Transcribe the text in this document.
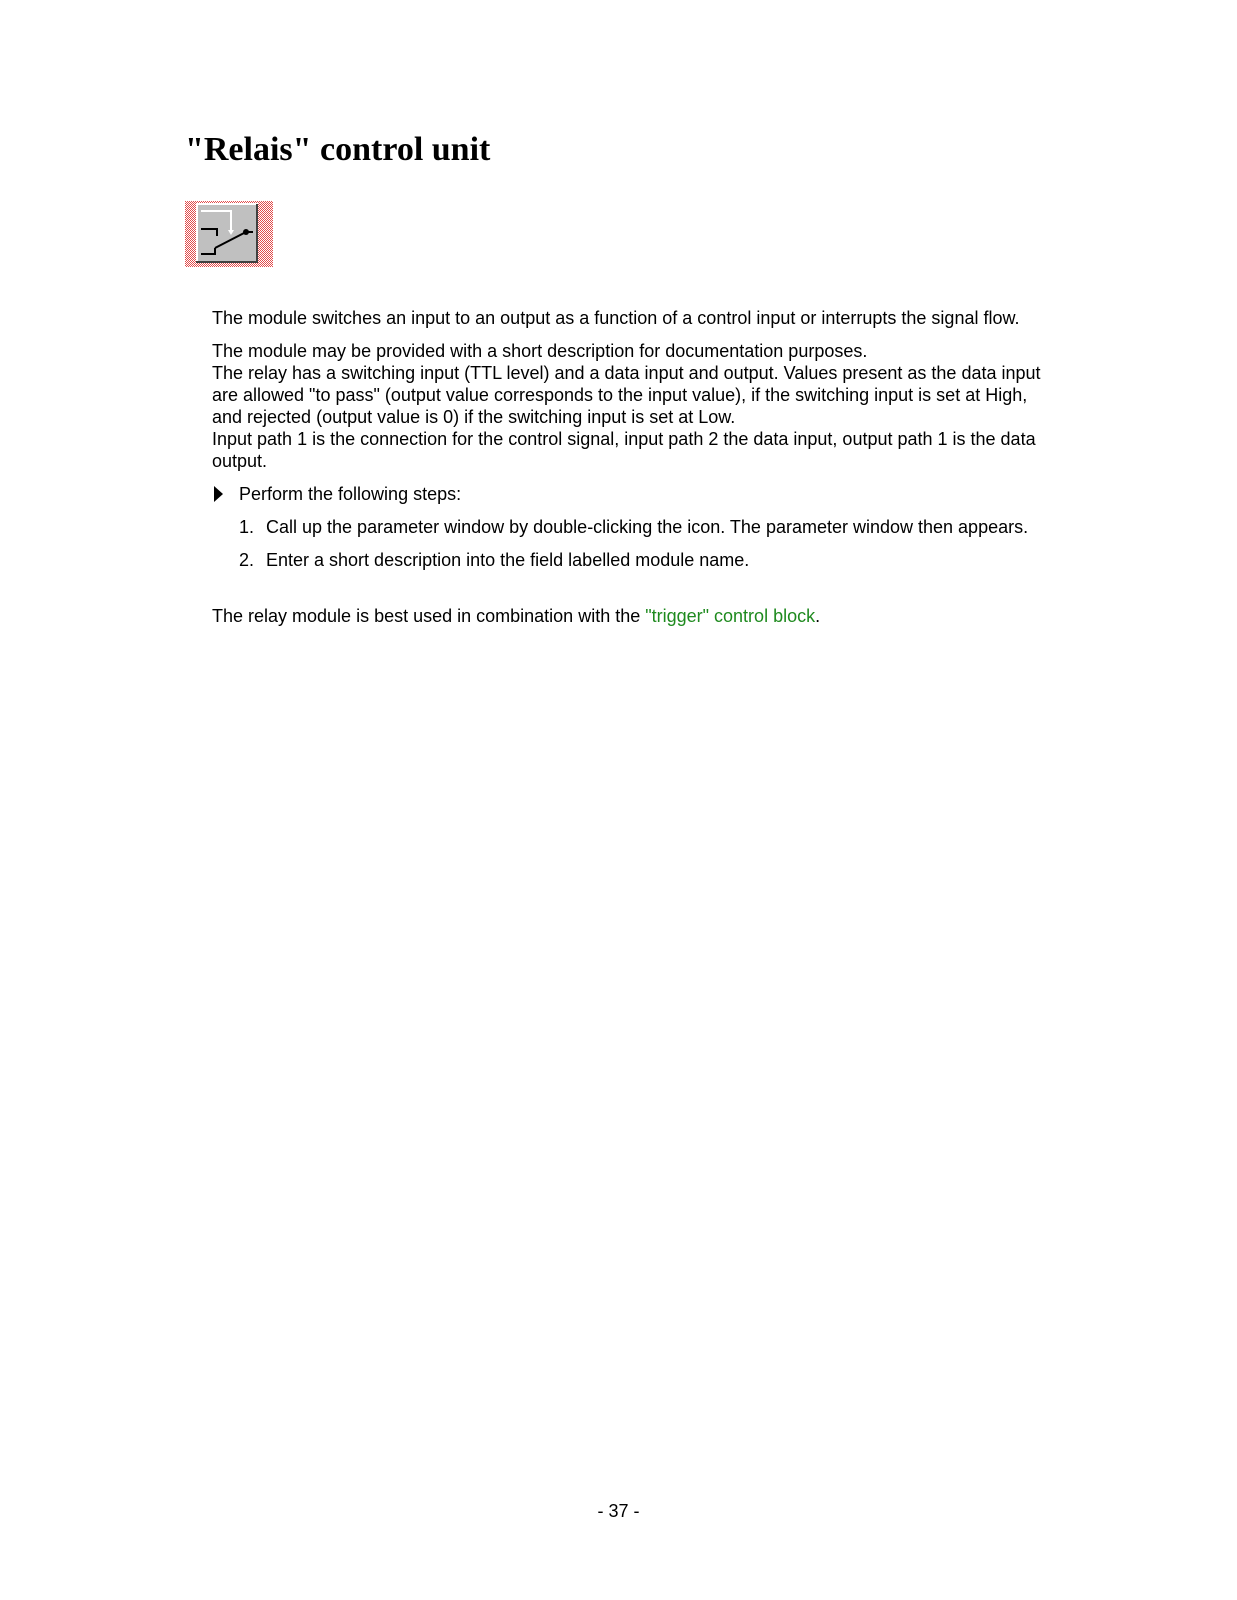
"Relais" control unit

The module switches an input to an output as a function of a control input or interrupts the signal flow.

The module may be provided with a short description for documentation purposes.

The relay has a switching input (TTL level) and a data input and output. Values present as the data input are allowed "to pass" (output value corresponds to the input value), if the switching input is set at High, and rejected (output value is 0) if the switching input is set at Low.

Input path 1 is the connection for the control signal, input path 2 the data input, output path 1 is the data output.

Perform the following steps:
1. Call up the parameter window by double-clicking the icon. The parameter window then appears.
2. Enter a short description into the field labelled module name.

The relay module is best used in combination with the "trigger" control block.

- 37 -
